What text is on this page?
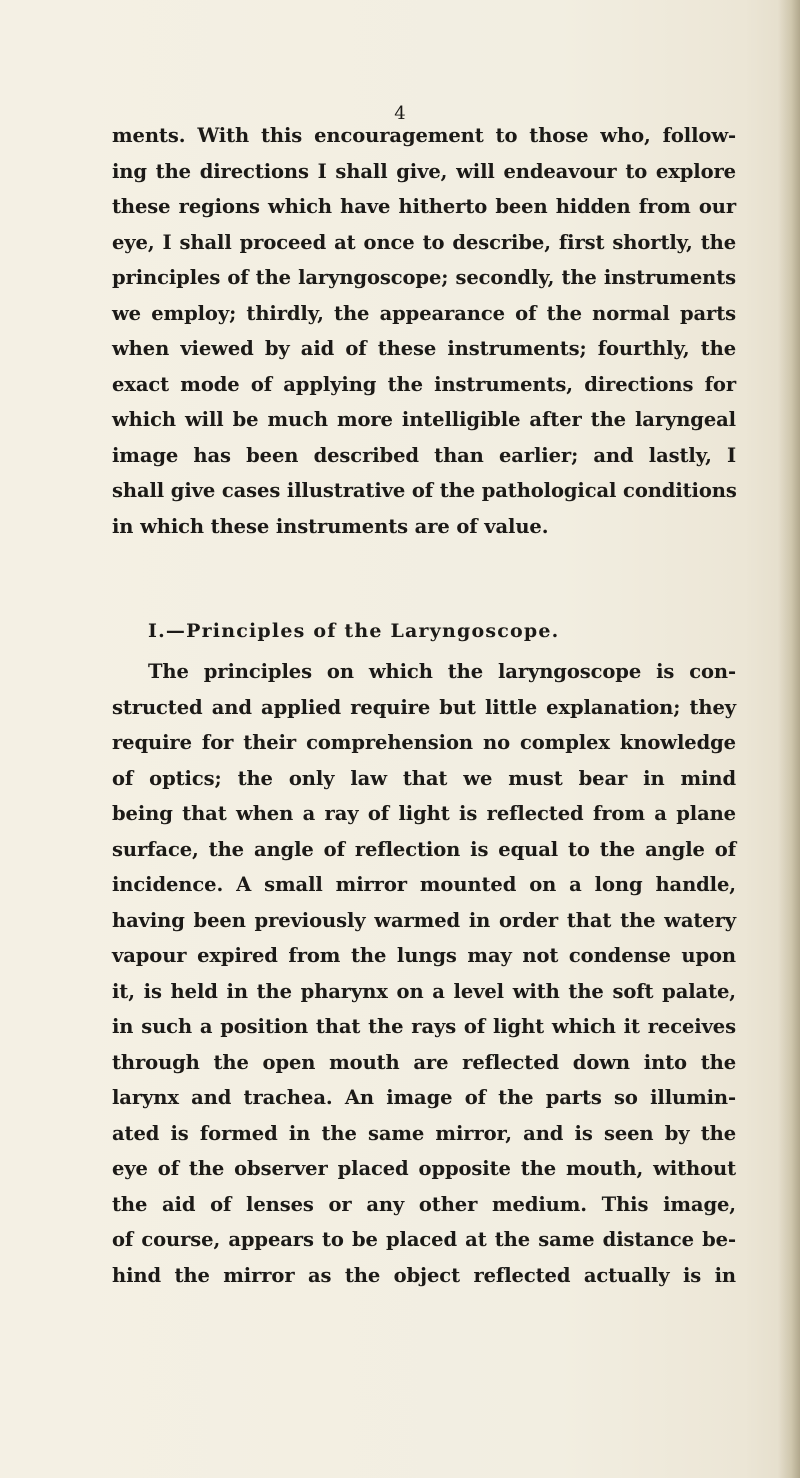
4
ments. With this encouragement to those who, follow-
ing the directions I shall give, will endeavour to explore
these regions which have hitherto been hidden from our
eye, I shall proceed at once to describe, first shortly, the
principles of the laryngoscope; secondly, the instruments
we employ; thirdly, the appearance of the normal parts
when viewed by aid of these instruments; fourthly, the
exact mode of applying the instruments, directions for
which will be much more intelligible after the laryngeal
image has been described than earlier; and lastly, I
shall give cases illustrative of the pathological conditions
in which these instruments are of value.
I.—Principles of the Laryngoscope.
The principles on which the laryngoscope is con-
structed and applied require but little explanation; they
require for their comprehension no complex knowledge
of optics; the only law that we must bear in mind
being that when a ray of light is reflected from a plane
surface, the angle of reflection is equal to the angle of
incidence. A small mirror mounted on a long handle,
having been previously warmed in order that the watery
vapour expired from the lungs may not condense upon
it, is held in the pharynx on a level with the soft palate,
in such a position that the rays of light which it receives
through the open mouth are reflected down into the
larynx and trachea. An image of the parts so illumin-
ated is formed in the same mirror, and is seen by the
eye of the observer placed opposite the mouth, without
the aid of lenses or any other medium. This image,
of course, appears to be placed at the same distance be-
hind the mirror as the object reflected actually is in
